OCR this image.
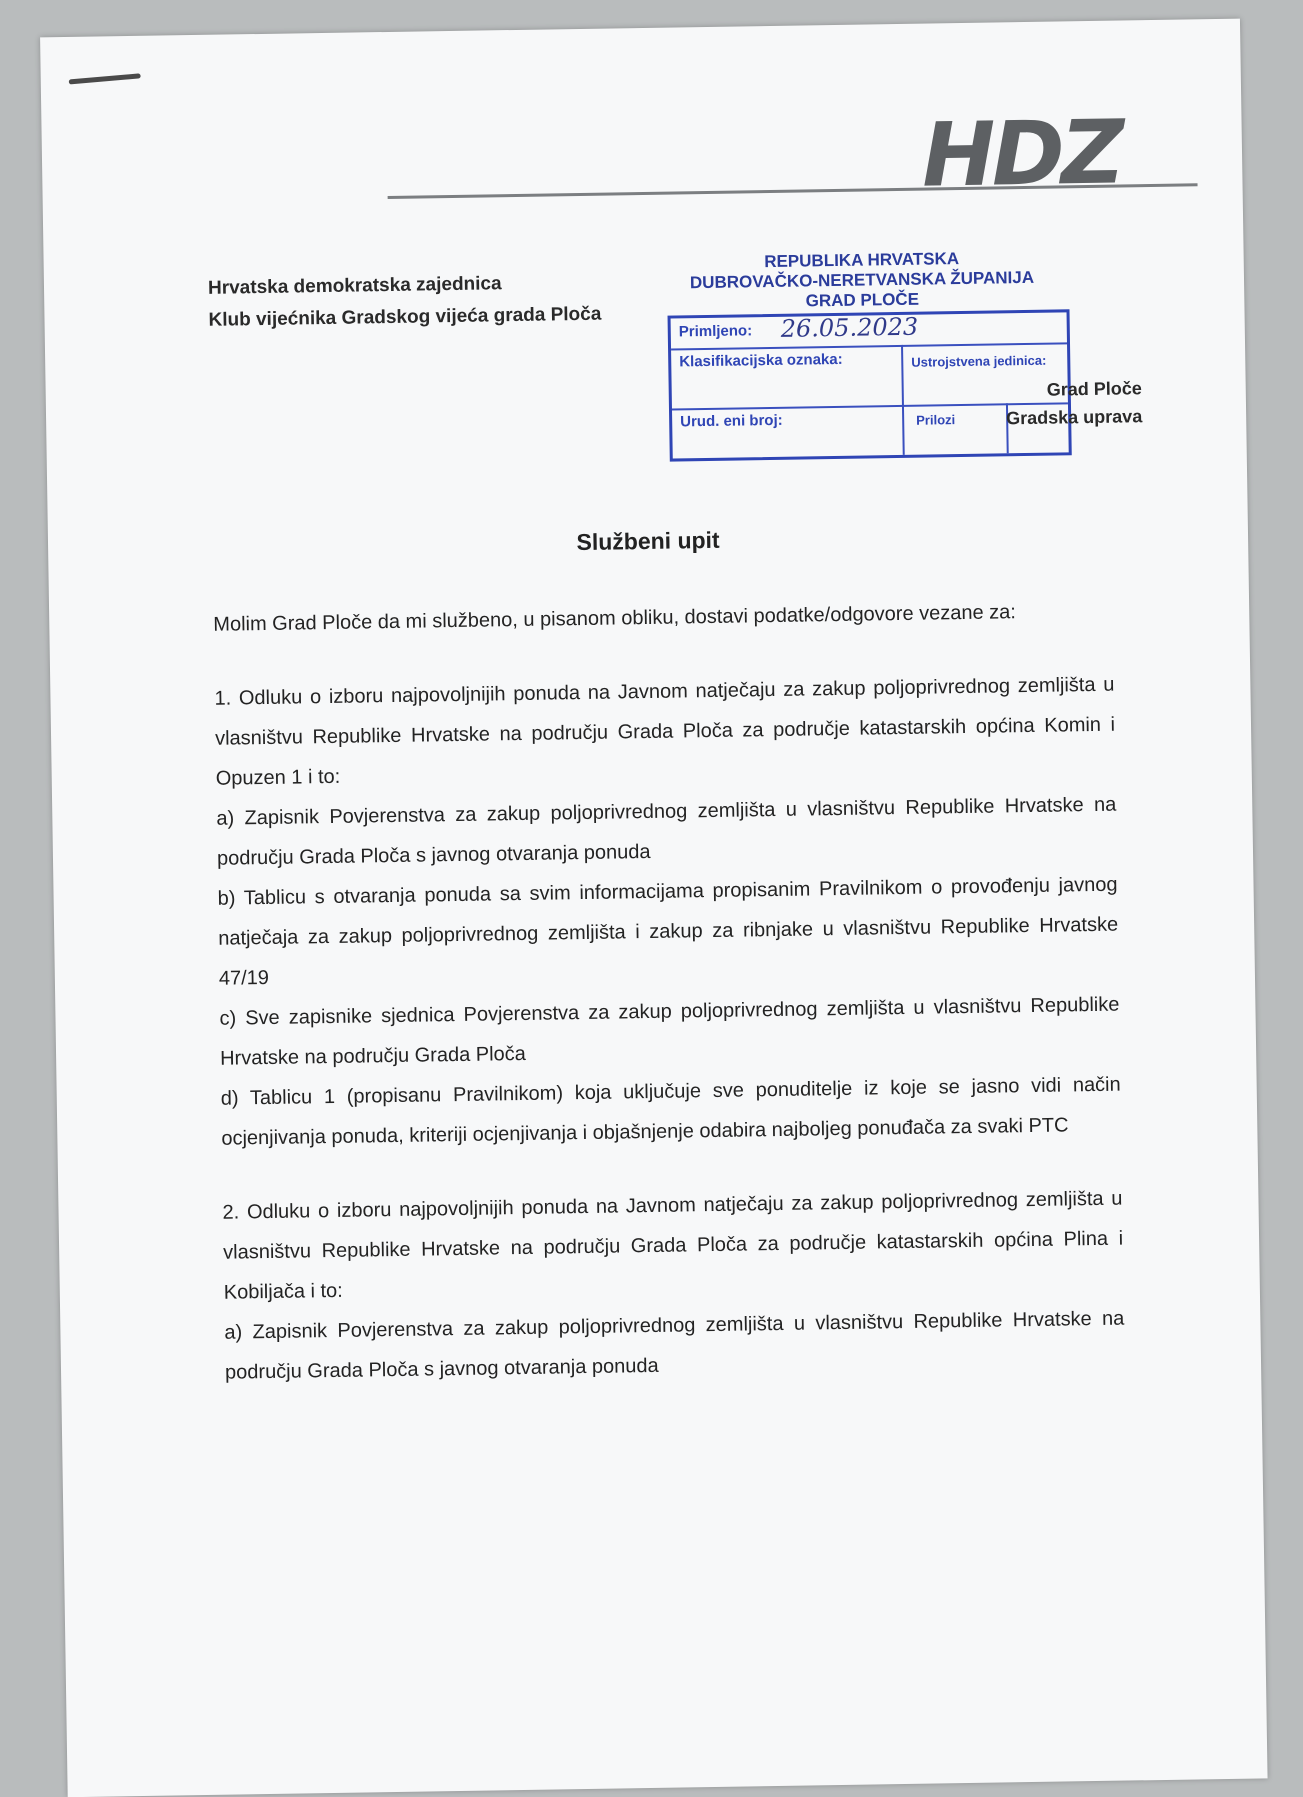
HDZ
Hrvatska demokratska zajednica
Klub vijećnika Gradskog vijeća grada Ploča
REPUBLIKA HRVATSKA
DUBROVAČKO-NERETVANSKA ŽUPANIJA
GRAD PLOČE
Primljeno: 26.05.2023
Klasifikacijska oznaka:	Ustrojstvena jedinica:
Urud. eni broj:	Prilozi
Grad Ploče
Gradska uprava
Službeni upit

Molim Grad Ploče da mi službeno, u pisanom obliku, dostavi podatke/odgovore vezane za:

1. Odluku o izboru najpovoljnijih ponuda na Javnom natječaju za zakup poljoprivrednog zemljišta u vlasništvu Republike Hrvatske na području Grada Ploča za područje katastarskih općina Komin i Opuzen 1 i to:

a) Zapisnik Povjerenstva za zakup poljoprivrednog zemljišta u vlasništvu Republike Hrvatske na području Grada Ploča s javnog otvaranja ponuda

b) Tablicu s otvaranja ponuda sa svim informacijama propisanim Pravilnikom o provođenju javnog natječaja za zakup poljoprivrednog zemljišta i zakup za ribnjake u vlasništvu Republike Hrvatske 47/19

c) Sve zapisnike sjednica Povjerenstva za zakup poljoprivrednog zemljišta u vlasništvu Republike Hrvatske na području Grada Ploča

d) Tablicu 1 (propisanu Pravilnikom) koja uključuje sve ponuditelje iz koje se jasno vidi način ocjenjivanja ponuda, kriteriji ocjenjivanja i objašnjenje odabira najboljeg ponuđača za svaki PTC

2. Odluku o izboru najpovoljnijih ponuda na Javnom natječaju za zakup poljoprivrednog zemljišta u vlasništvu Republike Hrvatske na području Grada Ploča za područje katastarskih općina Plina i Kobiljača i to:

a) Zapisnik Povjerenstva za zakup poljoprivrednog zemljišta u vlasništvu Republike Hrvatske na području Grada Ploča s javnog otvaranja ponuda
